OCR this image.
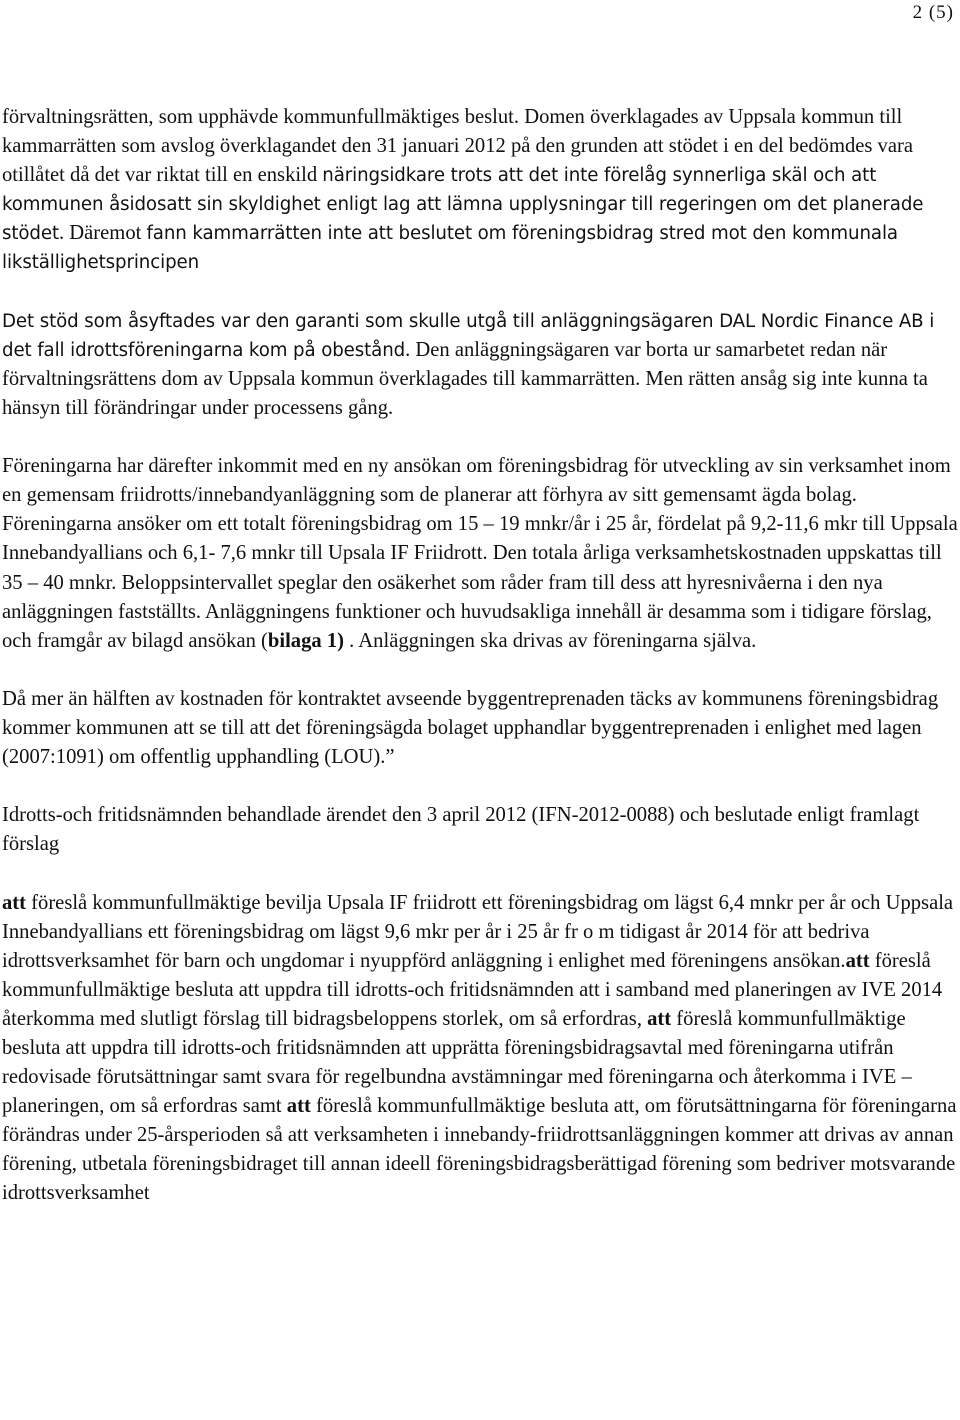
2 (5)

förvaltningsrätten, som upphävde kommunfullmäktiges beslut. Domen överklagades av Uppsala kommun till kammarrätten som avslog överklagandet den 31 januari 2012 på den grunden att stödet i en del bedömdes vara otillåtet då det var riktat till en enskild näringsidkare trots att det inte förelåg synnerliga skäl och att kommunen åsidosatt sin skyldighet enligt lag att lämna upplysningar till regeringen om det planerade stödet. Däremot fann kammarrätten inte att beslutet om föreningsbidrag stred mot den kommunala likställighetsprincipen

Det stöd som åsyftades var den garanti som skulle utgå till anläggningsägaren DAL Nordic Finance AB i det fall idrottsföreningarna kom på obestånd. Den anläggningsägaren var borta ur samarbetet redan när förvaltningsrättens dom av Uppsala kommun överklagades till kammarrätten. Men rätten ansåg sig inte kunna ta hänsyn till förändringar under processens gång.

Föreningarna har därefter inkommit med en ny ansökan om föreningsbidrag för utveckling av sin verksamhet inom en gemensam friidrotts/innebandyanläggning som de planerar att förhyra av sitt gemensamt ägda bolag. Föreningarna ansöker om ett totalt föreningsbidrag om 15 – 19 mnkr/år i 25 år, fördelat på 9,2-11,6 mkr till Uppsala Innebandyallians och 6,1- 7,6 mnkr till Upsala IF Friidrott. Den totala årliga verksamhetskostnaden uppskattas till 35 – 40 mnkr. Beloppsintervallet speglar den osäkerhet som råder fram till dess att hyresnivåerna i den nya anläggningen fastställts. Anläggningens funktioner och huvudsakliga innehåll är desamma som i tidigare förslag, och framgår av bilagd ansökan (bilaga 1) . Anläggningen ska drivas av föreningarna själva.

Då mer än hälften av kostnaden för kontraktet avseende byggentreprenaden täcks av kommunens föreningsbidrag kommer kommunen att se till att det föreningsägda bolaget upphandlar byggentreprenaden i enlighet med lagen (2007:1091) om offentlig upphandling (LOU).”

Idrotts-och fritidsnämnden behandlade ärendet den 3 april 2012 (IFN-2012-0088) och beslutade enligt framlagt förslag

att föreslå kommunfullmäktige bevilja Upsala IF friidrott ett föreningsbidrag om lägst 6,4 mnkr per år och Uppsala Innebandyallians ett föreningsbidrag om lägst 9,6 mkr per år i 25 år fr o m tidigast år 2014 för att bedriva idrottsverksamhet för barn och ungdomar i nyuppförd anläggning i enlighet med föreningens ansökan.att föreslå kommunfullmäktige besluta att uppdra till idrotts-och fritidsnämnden att i samband med planeringen av IVE 2014 återkomma med slutligt förslag till bidragsbeloppens storlek, om så erfordras, att föreslå kommunfullmäktige besluta att uppdra till idrotts-och fritidsnämnden att upprätta föreningsbidragsavtal med föreningarna utifrån redovisade förutsättningar samt svara för regelbundna avstämningar med föreningarna och återkomma i IVE –planeringen, om så erfordras samt att föreslå kommunfullmäktige besluta att, om förutsättningarna för föreningarna förändras under 25-årsperioden så att verksamheten i innebandy-friidrottsanläggningen kommer att drivas av annan förening, utbetala föreningsbidraget till annan ideell föreningsbidragsberättigad förening som bedriver motsvarande idrottsverksamhet
